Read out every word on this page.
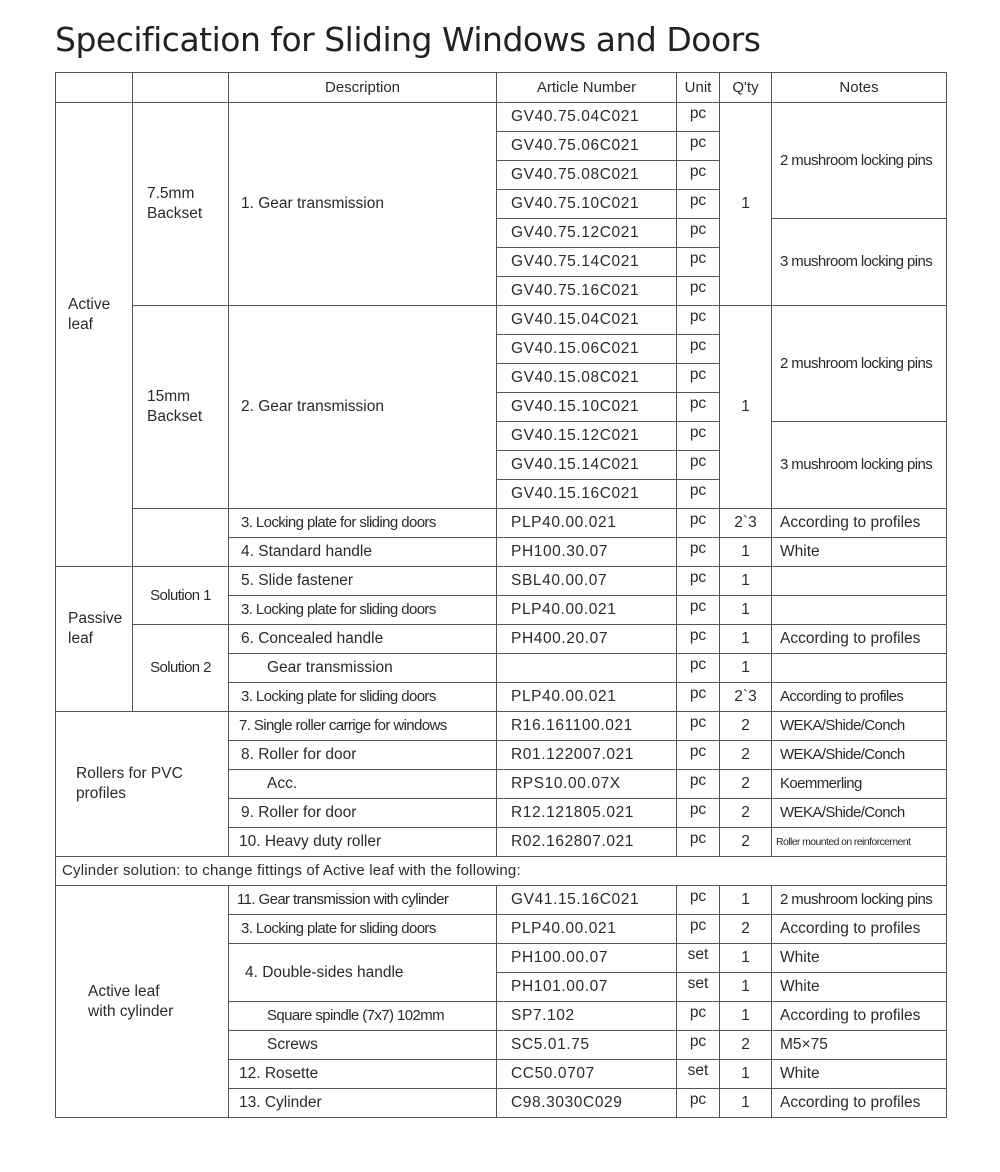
Specification for Sliding Windows and Doors
		Description	Article Number	Unit	Q'ty	Notes
Active leaf	7.5mm Backset	1. Gear transmission	GV40.75.04C021	pc	1	2 mushroom locking pins
			GV40.75.06C021	pc		
			GV40.75.08C021	pc		
			GV40.75.10C021	pc		
			GV40.75.12C021	pc		3 mushroom locking pins
			GV40.75.14C021	pc		
			GV40.75.16C021	pc		
	15mm Backset	2. Gear transmission	GV40.15.04C021	pc	1	2 mushroom locking pins
			GV40.15.06C021	pc		
			GV40.15.08C021	pc		
			GV40.15.10C021	pc		
			GV40.15.12C021	pc		3 mushroom locking pins
			GV40.15.14C021	pc		
			GV40.15.16C021	pc		
		3. Locking plate for sliding doors	PLP40.00.021	pc	2`3	According to profiles
		4. Standard handle	PH100.30.07	pc	1	White
Passive leaf	Solution 1	5. Slide fastener	SBL40.00.07	pc	1	
		3. Locking plate for sliding doors	PLP40.00.021	pc	1	
	Solution 2	6. Concealed handle	PH400.20.07	pc	1	According to profiles
		Gear transmission		pc	1	
		3. Locking plate for sliding doors	PLP40.00.021	pc	2`3	According to profiles
Rollers for PVC profiles		7. Single roller carrige for windows	R16.161100.021	pc	2	WEKA/Shide/Conch
		8. Roller for door	R01.122007.021	pc	2	WEKA/Shide/Conch
		Acc.	RPS10.00.07X	pc	2	Koemmerling
		9. Roller for door	R12.121805.021	pc	2	WEKA/Shide/Conch
		10. Heavy duty roller	R02.162807.021	pc	2	Roller mounted on reinforcement
Cylinder solution: to change fittings of Active leaf with the following:						
Active leaf with cylinder		11. Gear transmission with cylinder	GV41.15.16C021	pc	1	2 mushroom locking pins
		3. Locking plate for sliding doors	PLP40.00.021	pc	2	According to profiles
		4. Double-sides handle	PH100.00.07	set	1	White
			PH101.00.07	set	1	White
		Square spindle (7x7) 102mm	SP7.102	pc	1	According to profiles
		Screws	SC5.01.75	pc	2	M5×75
		12. Rosette	CC50.0707	set	1	White
		13. Cylinder	C98.3030C029	pc	1	According to profiles
